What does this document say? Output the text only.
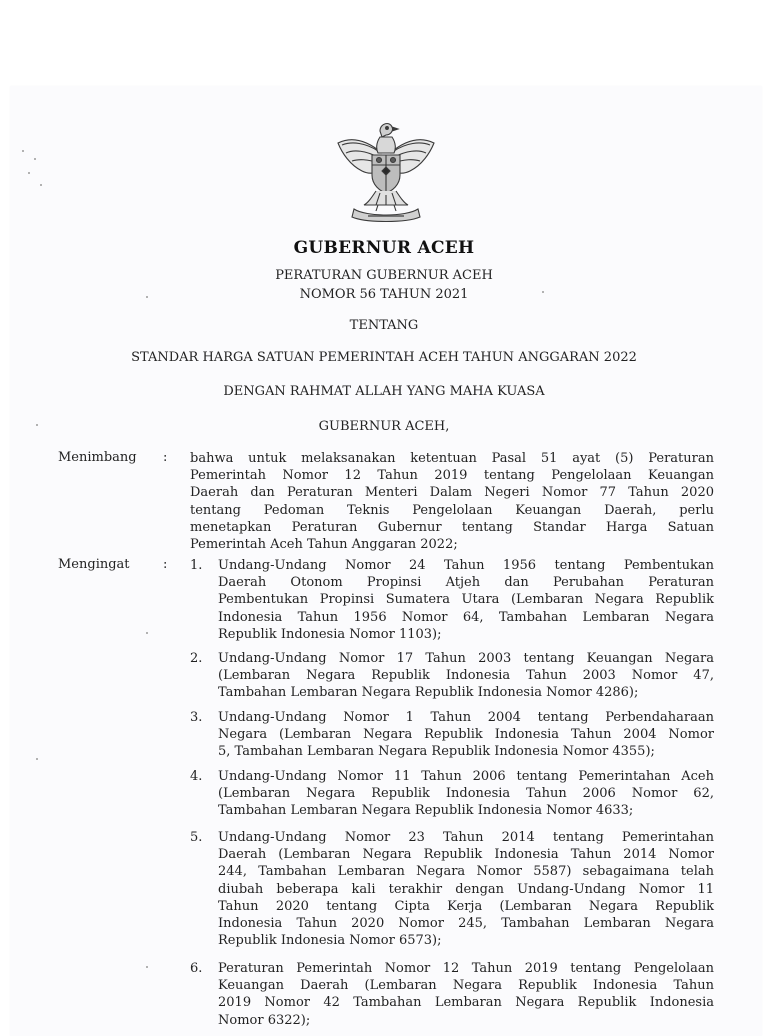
GUBERNUR ACEH
PERATURAN GUBERNUR ACEH
NOMOR 56 TAHUN 2021
TENTANG
STANDAR HARGA SATUAN PEMERINTAH ACEH TAHUN ANGGARAN 2022
DENGAN RAHMAT ALLAH YANG MAHA KUASA
GUBERNUR ACEH,
Menimbang : bahwa untuk melaksanakan ketentuan Pasal 51 ayat (5) Peraturan
Pemerintah Nomor 12 Tahun 2019 tentang Pengelolaan Keuangan
Daerah dan Peraturan Menteri Dalam Negeri Nomor 77 Tahun 2020
tentang Pedoman Teknis Pengelolaan Keuangan Daerah, perlu
menetapkan Peraturan Gubernur tentang Standar Harga Satuan
Pemerintah Aceh Tahun Anggaran 2022;
Mengingat	: 1.	Undang-Undang Nomor 24 Tahun 1956 tentang Pembentukan
Daerah Otonom Propinsi Atjeh dan Perubahan Peraturan
Pembentukan Propinsi Sumatera Utara (Lembaran Negara Republik
Indonesia Tahun 1956 Nomor 64, Tambahan Lembaran Negara
Republik Indonesia Nomor 1103);
2.	Undang-Undang Nomor 17 Tahun 2003 tentang Keuangan Negara
(Lembaran Negara Republik Indonesia Tahun 2003 Nomor 47,
Tambahan Lembaran Negara Republik Indonesia Nomor 4286);
3.	Undang-Undang Nomor 1 Tahun 2004 tentang Perbendaharaan
Negara (Lembaran Negara Republik Indonesia Tahun 2004 Nomor
5, Tambahan Lembaran Negara Republik Indonesia Nomor 4355);
4.	Undang-Undang Nomor 11 Tahun 2006 tentang Pemerintahan Aceh
(Lembaran Negara Republik Indonesia Tahun 2006 Nomor 62,
Tambahan Lembaran Negara Republik Indonesia Nomor 4633;
5.	Undang-Undang Nomor 23 Tahun 2014 tentang Pemerintahan
Daerah (Lembaran Negara Republik Indonesia Tahun 2014 Nomor
244, Tambahan Lembaran Negara Nomor 5587) sebagaimana telah
diubah beberapa kali terakhir dengan Undang-Undang Nomor 11
Tahun 2020 tentang Cipta Kerja (Lembaran Negara Republik
Indonesia Tahun 2020 Nomor 245, Tambahan Lembaran Negara
Republik Indonesia Nomor 6573);
6.	Peraturan Pemerintah Nomor 12 Tahun 2019 tentang Pengelolaan
Keuangan Daerah (Lembaran Negara Republik Indonesia Tahun
2019 Nomor 42 Tambahan Lembaran Negara Republik Indonesia
Nomor 6322);
